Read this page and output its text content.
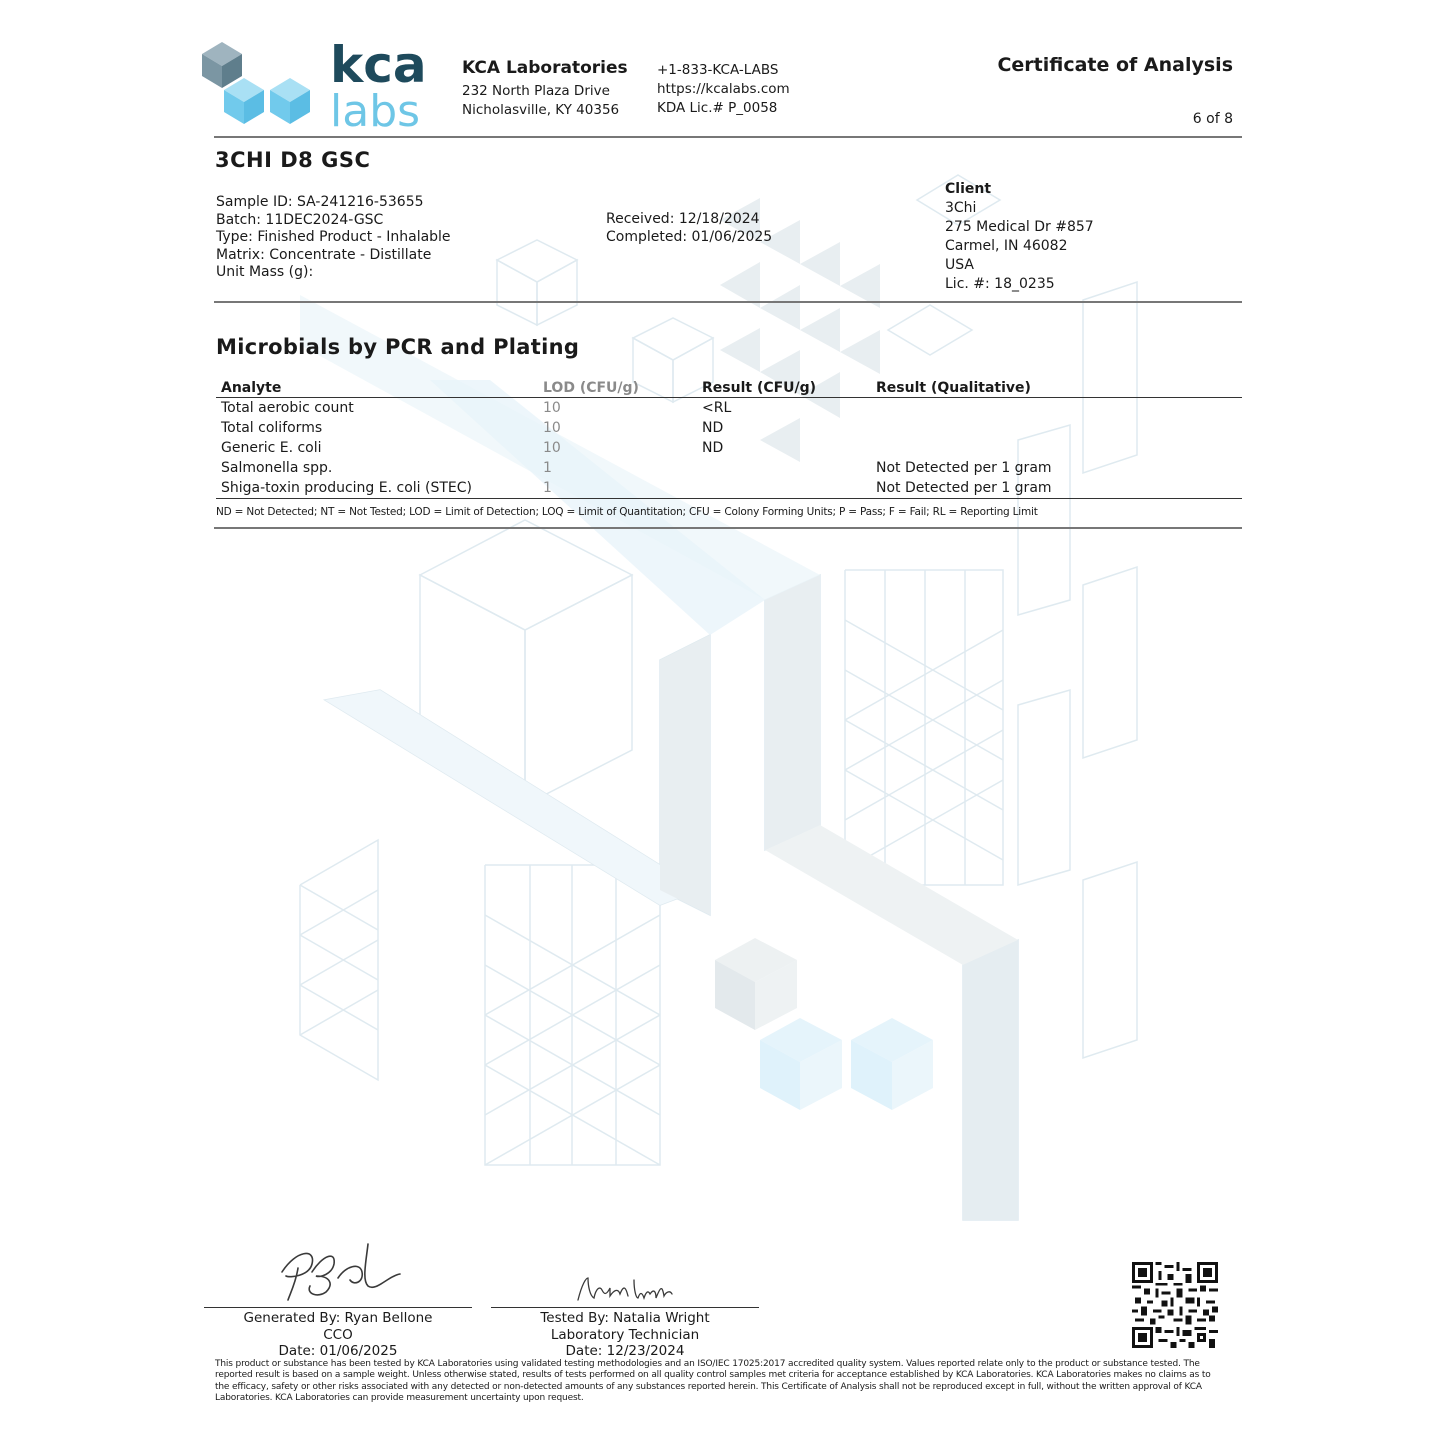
kca
labs
KCA Laboratories
232 North Plaza Drive
Nicholasville, KY 40356
+1-833-KCA-LABS
https://kcalabs.com
KDA Lic.# P_0058
Certificate of Analysis
6 of 8
3CHI D8 GSC
Sample ID: SA-241216-53655
Batch: 11DEC2024-GSC
Type: Finished Product - Inhalable
Matrix: Concentrate - Distillate
Unit Mass (g):
Received: 12/18/2024
Completed: 01/06/2025
Client
3Chi
275 Medical Dr #857
Carmel, IN 46082
USA
Lic. #: 18_0235
Microbials by PCR and Plating
Analyte	LOD (CFU/g)	Result (CFU/g)	Result (Qualitative)
Total aerobic count	10	<RL	
Total coliforms	10	ND	
Generic E. coli	10	ND	
Salmonella spp.	1		Not Detected per 1 gram
Shiga-toxin producing E. coli (STEC)	1		Not Detected per 1 gram
ND = Not Detected; NT = Not Tested; LOD = Limit of Detection; LOQ = Limit of Quantitation; CFU = Colony Forming Units; P = Pass; F = Fail; RL = Reporting Limit
Generated By: Ryan Bellone
CCO
Date: 01/06/2025
Tested By: Natalia Wright
Laboratory Technician
Date: 12/23/2024
This product or substance has been tested by KCA Laboratories using validated testing methodologies and an ISO/IEC 17025:2017 accredited quality system. Values reported relate only to the product or substance tested. The reported result is based on a sample weight. Unless otherwise stated, results of tests performed on all quality control samples met criteria for acceptance established by KCA Laboratories. KCA Laboratories makes no claims as to the efficacy, safety or other risks associated with any detected or non-detected amounts of any substances reported herein. This Certificate of Analysis shall not be reproduced except in full, without the written approval of KCA Laboratories. KCA Laboratories can provide measurement uncertainty upon request.
